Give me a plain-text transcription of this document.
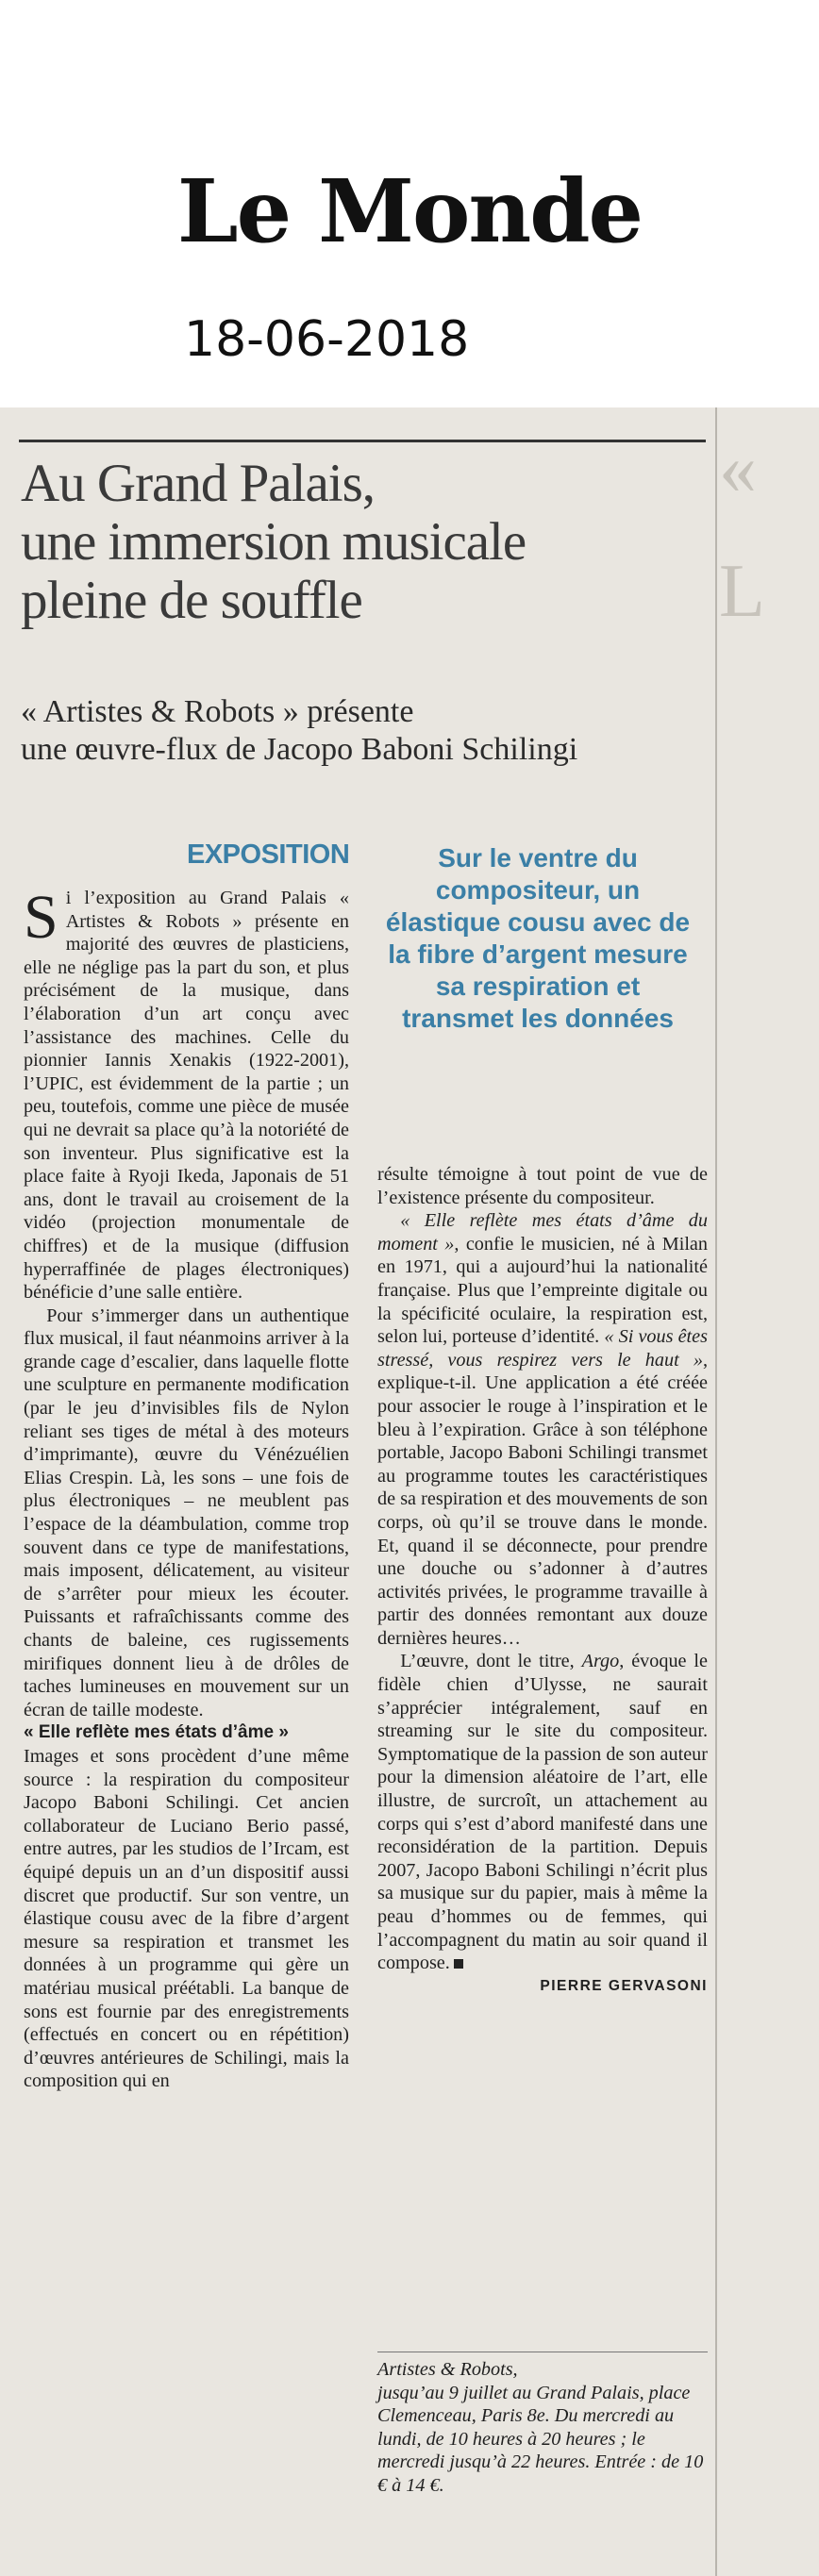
Le Monde
18-06-2018
«
L
Au Grand Palais,
une immersion musicale
pleine de souffle
« Artistes & Robots » présente
une œuvre-flux de Jacopo Baboni Schilingi
EXPOSITION	Sur le ventre du compositeur, un élastique cousu avec de la fibre d’argent mesure sa respiration et transmet les données

Si l’exposition au Grand Palais « Artistes & Robots » présente en majorité des œuvres de plasticiens, elle ne néglige pas la part du son, et plus précisément de la musique, dans l’élaboration d’un art conçu avec l’assistance des machines. Celle du pionnier Iannis Xenakis (1922-2001), l’UPIC, est évidemment de la partie ; un peu, toutefois, comme une pièce de musée qui ne devrait sa place qu’à la notoriété de son inventeur. Plus significative est la place faite à Ryoji Ikeda, Japonais de 51 ans, dont le travail au croisement de la vidéo (projection monumentale de chiffres) et de la musique (diffusion hyperraffinée de plages électroniques) bénéficie d’une salle entière.

Pour s’immerger dans un authentique flux musical, il faut néanmoins arriver à la grande cage d’escalier, dans laquelle flotte une sculpture en permanente modification (par le jeu d’invisibles fils de Nylon reliant ses tiges de métal à des moteurs d’imprimante), œuvre du Vénézuélien Elias Crespin. Là, les sons – une fois de plus électroniques – ne meublent pas l’espace de la déambulation, comme trop souvent dans ce type de manifestations, mais imposent, délicatement, au visiteur de s’arrêter pour mieux les écouter. Puissants et rafraîchissants comme des chants de baleine, ces rugissements mirifiques donnent lieu à de drôles de taches lumineuses en mouvement sur un écran de taille modeste.

« Elle reflète mes états d’âme »

Images et sons procèdent d’une même source : la respiration du compositeur Jacopo Baboni Schilingi. Cet ancien collaborateur de Luciano Berio passé, entre autres, par les studios de l’Ircam, est équipé depuis un an d’un dispositif aussi discret que productif. Sur son ventre, un élastique cousu avec de la fibre d’argent mesure sa respiration et transmet les données à un programme qui gère un matériau musical préétabli. La banque de sons est fournie par des enregistrements (effectués en concert ou en répétition) d’œuvres antérieures de Schilingi, mais la composition qui en

résulte témoigne à tout point de vue de l’existence présente du compositeur.

« Elle reflète mes états d’âme du moment », confie le musicien, né à Milan en 1971, qui a aujourd’hui la nationalité française. Plus que l’empreinte digitale ou la spécificité oculaire, la respiration est, selon lui, porteuse d’identité. « Si vous êtes stressé, vous respirez vers le haut », explique-t-il. Une application a été créée pour associer le rouge à l’inspiration et le bleu à l’expiration. Grâce à son téléphone portable, Jacopo Baboni Schilingi transmet au programme toutes les caractéristiques de sa respiration et des mouvements de son corps, où qu’il se trouve dans le monde. Et, quand il se déconnecte, pour prendre une douche ou s’adonner à d’autres activités privées, le programme travaille à partir des données remontant aux douze dernières heures…

L’œuvre, dont le titre, Argo, évoque le fidèle chien d’Ulysse, ne saurait s’apprécier intégralement, sauf en streaming sur le site du compositeur. Symptomatique de la passion de son auteur pour la dimension aléatoire de l’art, elle illustre, de surcroît, un attachement au corps qui s’est d’abord manifesté dans une reconsidération de la partition. Depuis 2007, Jacopo Baboni Schilingi n’écrit plus sa musique sur du papier, mais à même la peau d’hommes ou de femmes, qui l’accompagnent du matin au soir quand il compose.

PIERRE GERVASONI

Artistes & Robots,
jusqu’au 9 juillet au Grand Palais, place Clemenceau, Paris 8e. Du mercredi au lundi, de 10 heures à 20 heures ; le mercredi jusqu’à 22 heures. Entrée : de 10 € à 14 €.
